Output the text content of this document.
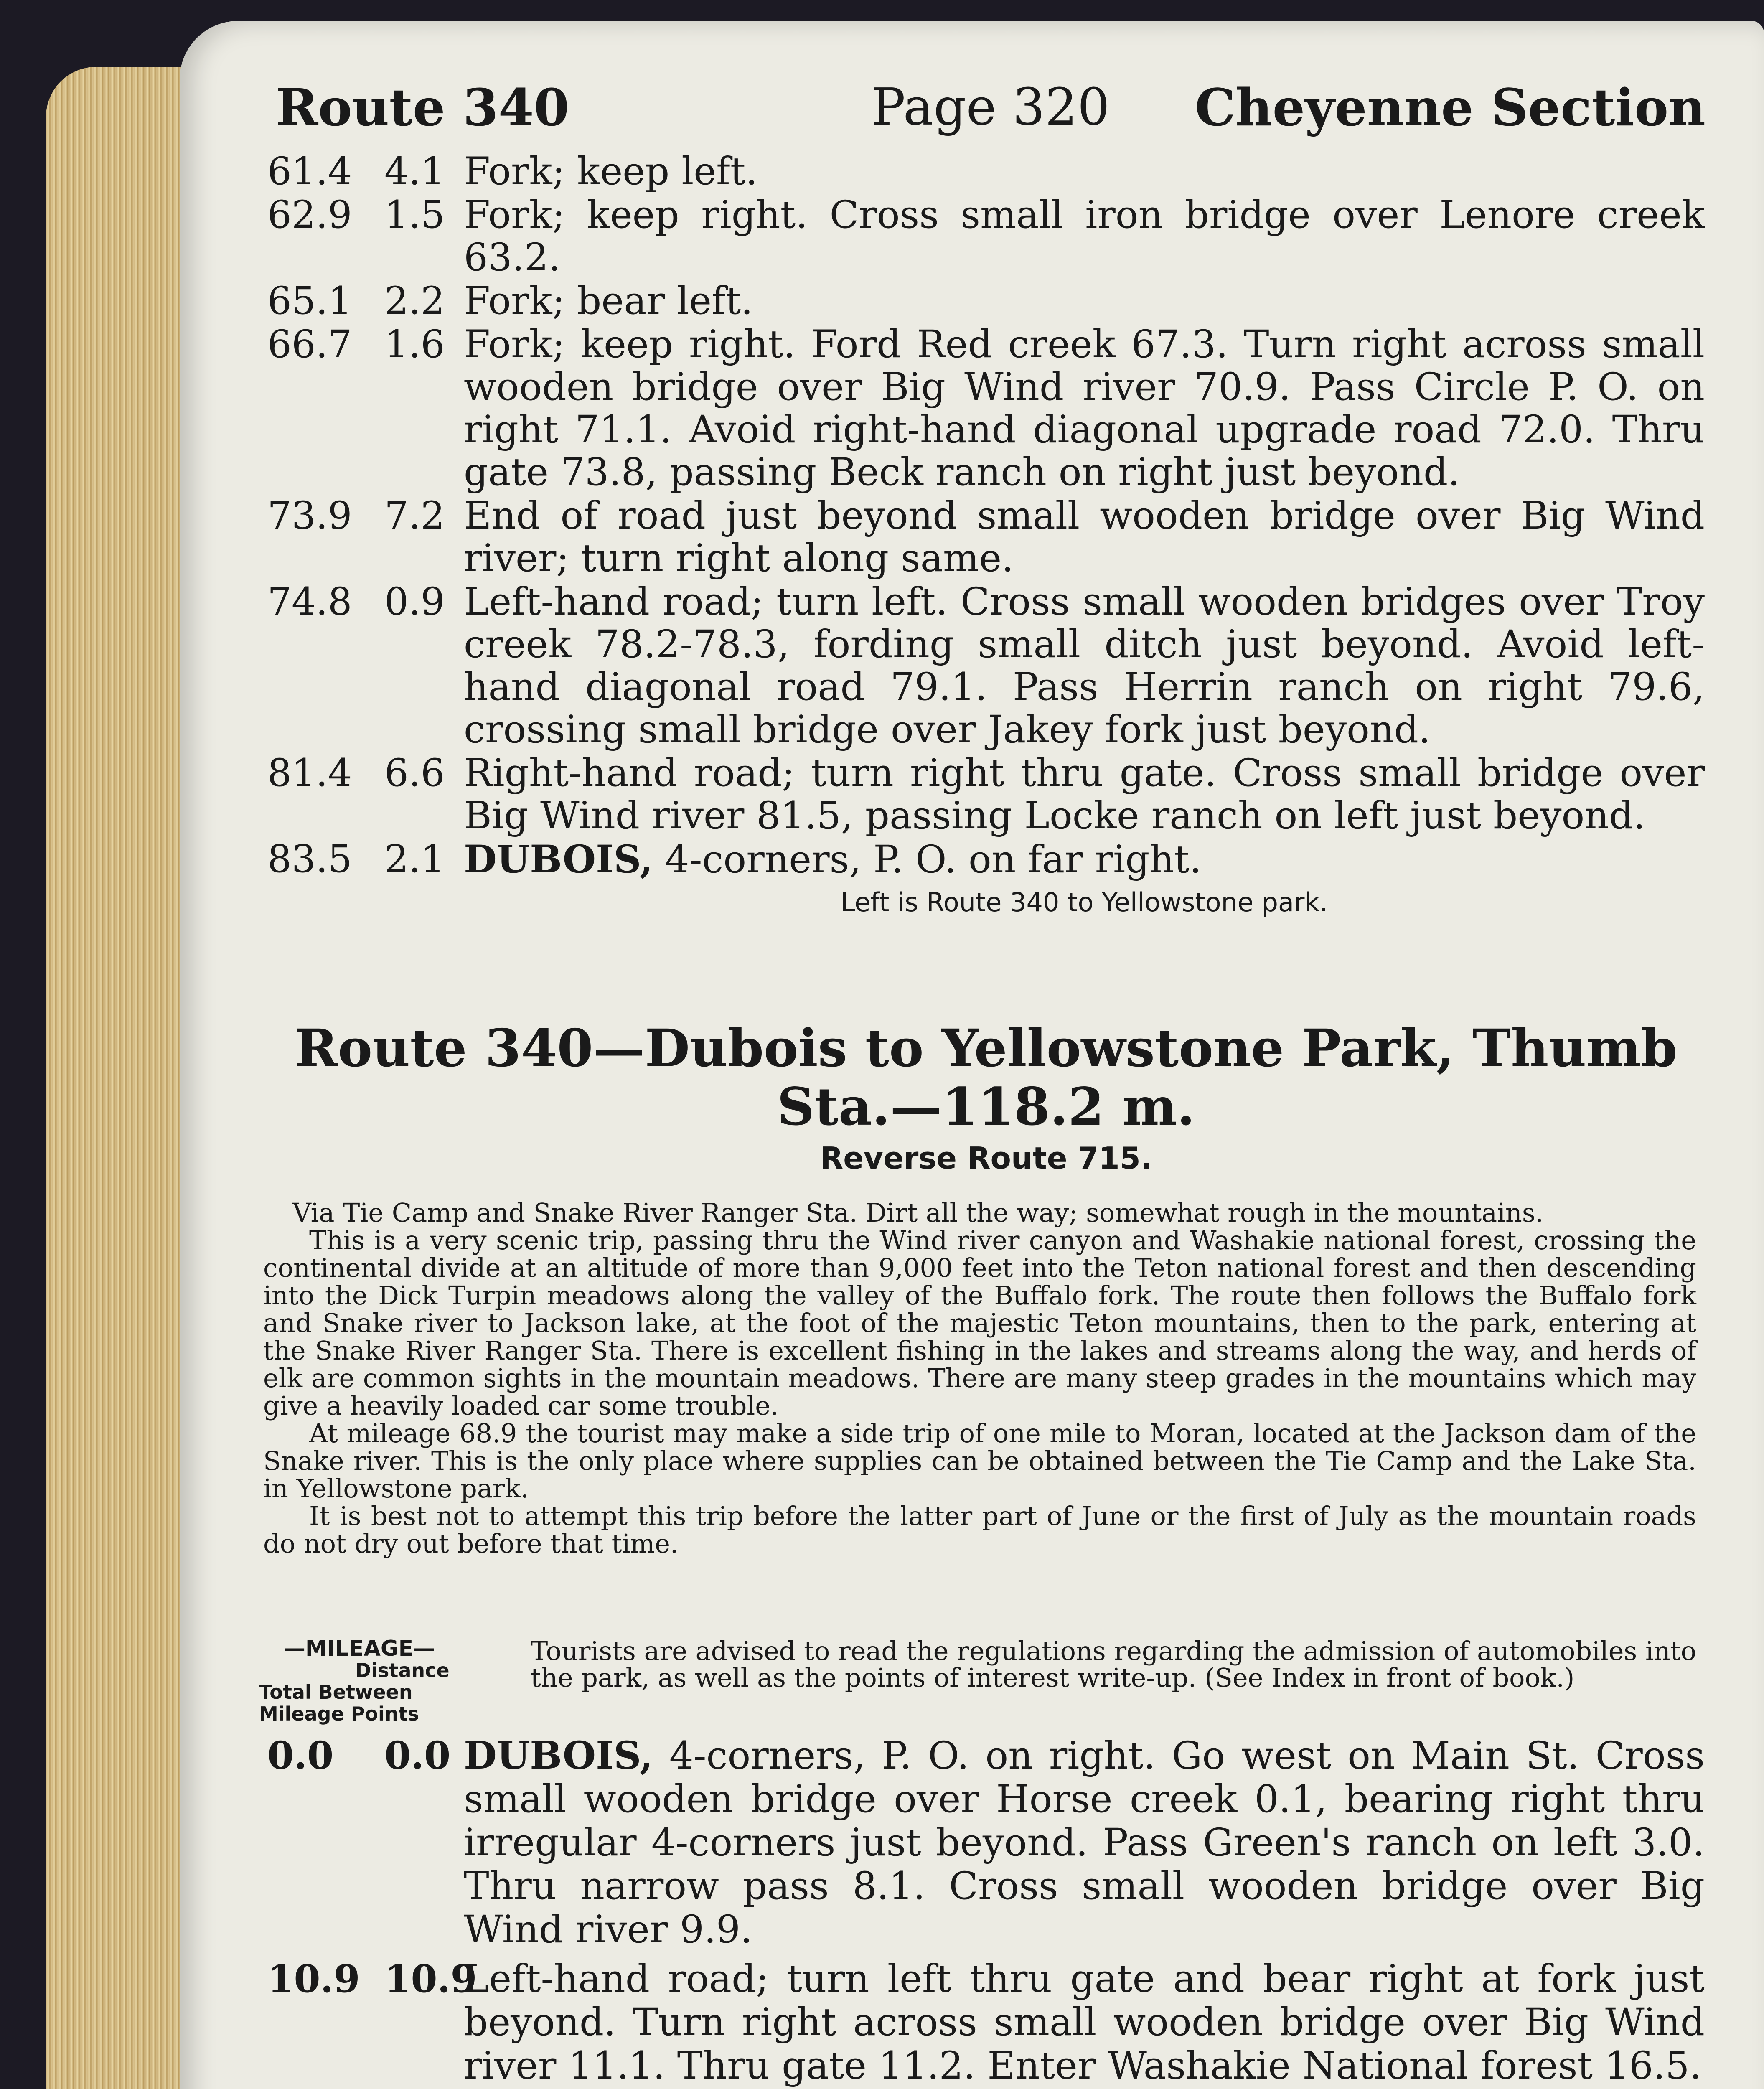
Route 340	Page 320 Cheyenne Section
61.4 4.1 Fork; keep left.
62.9 1.5 Fork; keep right. Cross small iron bridge over Lenore creek 63.2.
65.1 2.2 Fork; bear left.
66.7 1.6 Fork; keep right. Ford Red creek 67.3. Turn right across small wooden bridge over Big Wind river 70.9. Pass Circle P. O. on right 71.1. Avoid right-hand diagonal upgrade road 72.0. Thru gate 73.8, passing Beck ranch on right just beyond.
73.9 7.2 End of road just beyond small wooden bridge over Big Wind river; turn right along same.
74.8 0.9 Left-hand road; turn left. Cross small wooden bridges over Troy creek 78.2-78.3, fording small ditch just beyond. Avoid left-hand diagonal road 79.1. Pass Herrin ranch on right 79.6, crossing small bridge over Jakey fork just beyond.
81.4 6.6 Right-hand road; turn right thru gate. Cross small bridge over Big Wind river 81.5, passing Locke ranch on left just beyond.
83.5 2.1 DUBOIS, 4-corners, P. O. on far right.
Left is Route 340 to Yellowstone park.
Route 340—Dubois to Yellowstone Park, Thumb Sta.—118.2 m.
Reverse Route 715.

Via Tie Camp and Snake River Ranger Sta. Dirt all the way; somewhat rough in the mountains.

This is a very scenic trip, passing thru the Wind river canyon and Washakie national forest, crossing the continental divide at an altitude of more than 9,000 feet into the Teton national forest and then descending into the Dick Turpin meadows along the valley of the Buffalo fork. The route then follows the Buffalo fork and Snake river to Jackson lake, at the foot of the majestic Teton mountains, then to the park, entering at the Snake River Ranger Sta. There is excellent fishing in the lakes and streams along the way, and herds of elk are common sights in the mountain meadows. There are many steep grades in the mountains which may give a heavily loaded car some trouble.

At mileage 68.9 the tourist may make a side trip of one mile to Moran, located at the Jackson dam of the Snake river. This is the only place where supplies can be obtained between the Tie Camp and the Lake Sta. in Yellowstone park.

It is best not to attempt this trip before the latter part of June or the first of July as the mountain roads do not dry out before that time.

—MILEAGE—
Distance
Total Between
Mileage Points
Tourists are advised to read the regulations regarding the admission of automobiles into the park, as well as the points of interest write-up. (See Index in front of book.)
0.0	0.0 DUBOIS, 4-corners, P. O. on right. Go west on Main St. Cross small wooden bridge over Horse creek 0.1, bearing right thru irregular 4-corners just beyond. Pass Green's ranch on left 3.0. Thru narrow pass 8.1. Cross small wooden bridge over Big Wind river 9.9.
10.9 10.9
Left-hand road; turn left thru gate and bear right at fork just beyond. Turn right across small wooden bridge over Big Wind river 11.1. Thru gate 11.2. Enter Washakie National forest 16.5.
